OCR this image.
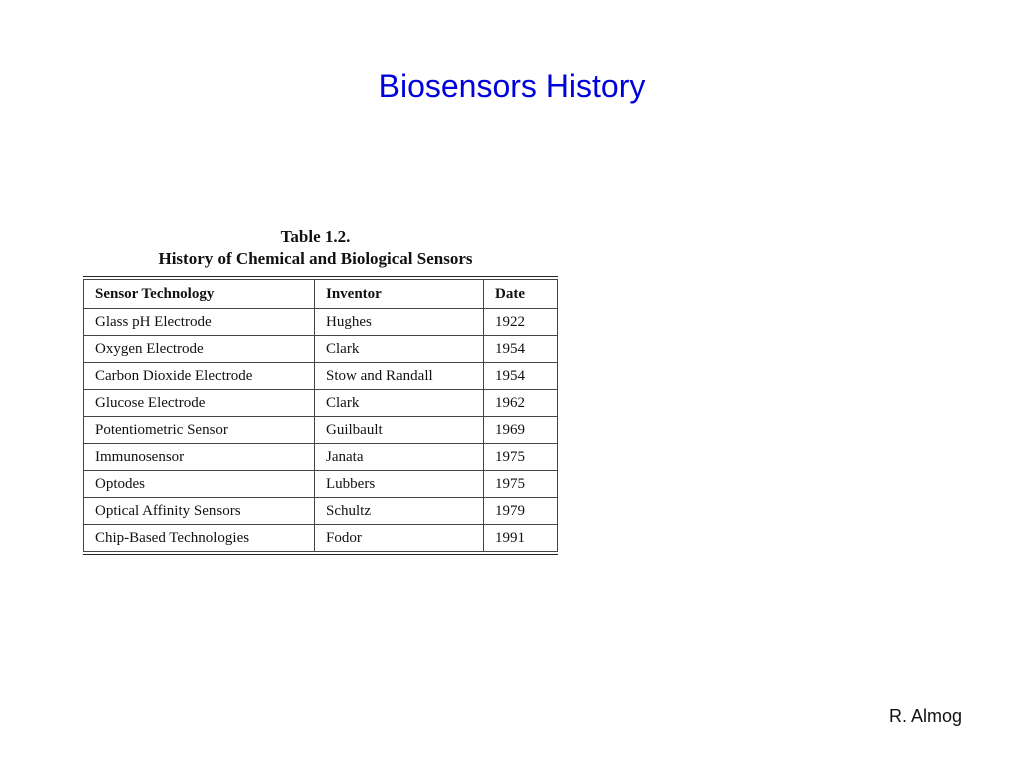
Biosensors History
Table 1.2.
History of Chemical and Biological Sensors
Sensor Technology	Inventor	Date
Glass pH Electrode	Hughes	1922
Oxygen Electrode	Clark	1954
Carbon Dioxide Electrode	Stow and Randall	1954
Glucose Electrode	Clark	1962
Potentiometric Sensor	Guilbault	1969
Immunosensor	Janata	1975
Optodes	Lubbers	1975
Optical Affinity Sensors	Schultz	1979
Chip-Based Technologies	Fodor	1991
R. Almog
